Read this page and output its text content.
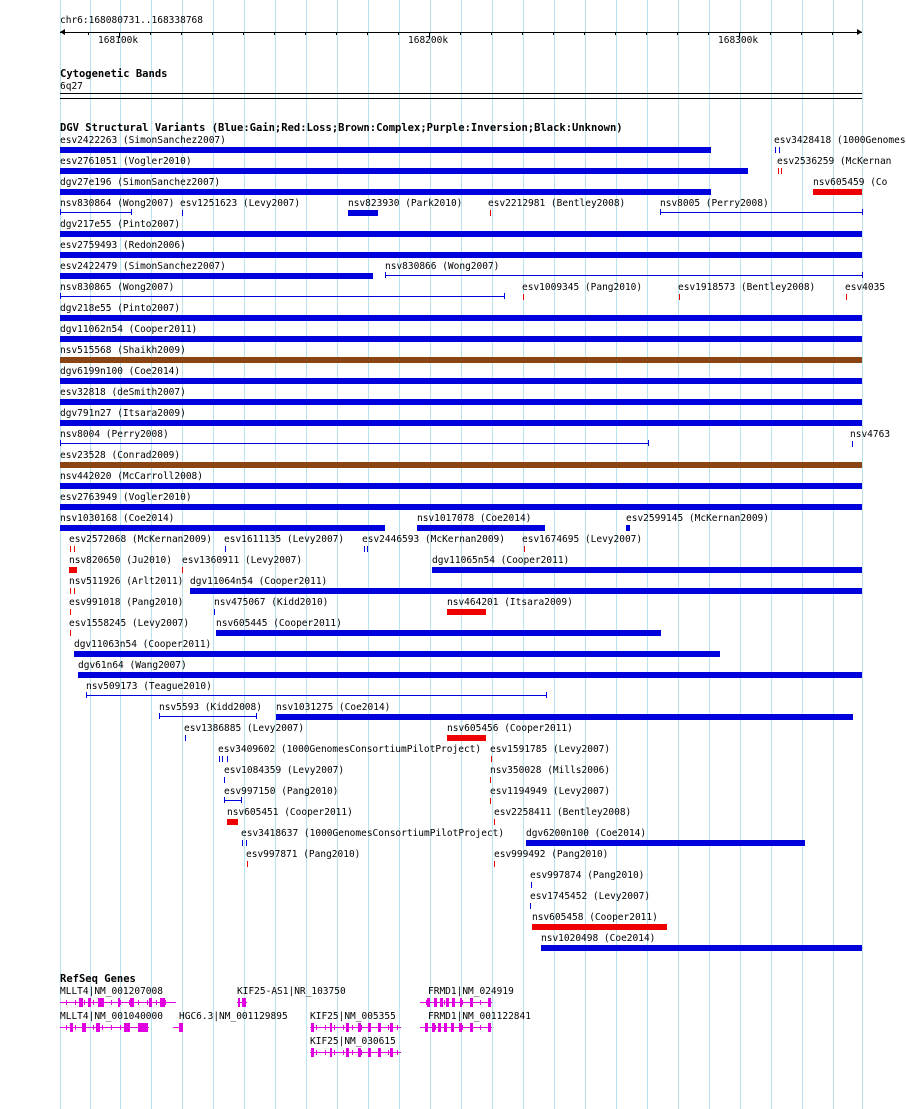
chr6:168080731..168338768
168100k	168200k	168300k
Cytogenetic Bands
6q27
DGV Structural Variants (Blue:Gain;Red:Loss;Brown:Complex;Purple:Inversion;Black:Unknown)
esv2422263 (SimonSanchez2007)	esv3428418 (1000Genomes
esv2761051 (Vogler2010)	esv2536259 (McKernan
dgv27e196 (SimonSanchez2007)	nsv605459 (Co
nsv830864 (Wong2007) esv1251623 (Levy2007)	nsv823930 (Park2010)	esv2212981 (Bentley2008)	nsv8005 (Perry2008)
dgv217e55 (Pinto2007)
esv2759493 (Redon2006)
esv2422479 (SimonSanchez2007)	nsv830866 (Wong2007)
nsv830865 (Wong2007)	esv1009345 (Pang2010)	esv1918573 (Bentley2008)	esv4035
dgv218e55 (Pinto2007)
dgv11062n54 (Cooper2011)
nsv515568 (Shaikh2009)
dgv6199n100 (Coe2014)
esv32818 (deSmith2007)
dgv791n27 (Itsara2009)
nsv8004 (Perry2008)	nsv4763
esv23528 (Conrad2009)
nsv442020 (McCarroll2008)
esv2763949 (Vogler2010)
nsv1030168 (Coe2014)	nsv1017078 (Coe2014)	esv2599145 (McKernan2009)
esv2572068 (McKernan2009) esv1611135 (Levy2007) esv2446593 (McKernan2009) esv1674695 (Levy2007)
nsv820650 (Ju2010) esv1360911 (Levy2007)	dgv11065n54 (Cooper2011)
nsv511926 (Arlt2011) dgv11064n54 (Cooper2011)
esv991018 (Pang2010)	nsv475067 (Kidd2010)	nsv464201 (Itsara2009)
esv1558245 (Levy2007)	nsv605445 (Cooper2011)
dgv11063n54 (Cooper2011)
dgv61n64 (Wang2007)
nsv509173 (Teague2010)
nsv5593 (Kidd2008) nsv1031275 (Coe2014)
esv1386885 (Levy2007)	nsv605456 (Cooper2011)
esv3409602 (1000GenomesConsortiumPilotProject) esv1591785 (Levy2007)
esv1084359 (Levy2007)	nsv350028 (Mills2006)
esv997150 (Pang2010)	esv1194949 (Levy2007)
nsv605451 (Cooper2011)	esv2258411 (Bentley2008)
esv3418637 (1000GenomesConsortiumPilotProject) dgv6200n100 (Coe2014)
esv997871 (Pang2010)	esv999492 (Pang2010)
esv997874 (Pang2010)
esv1745452 (Levy2007)
nsv605458 (Cooper2011)
nsv1020498 (Coe2014)
RefSeq Genes
MLLT4|NM_001207008	KIF25-AS1|NR_103750	FRMD1|NM_024919
MLLT4|NM_001040000 HGC6.3|NM_001129895 KIF25|NM_005355	FRMD1|NM_001122841
KIF25|NM_030615
